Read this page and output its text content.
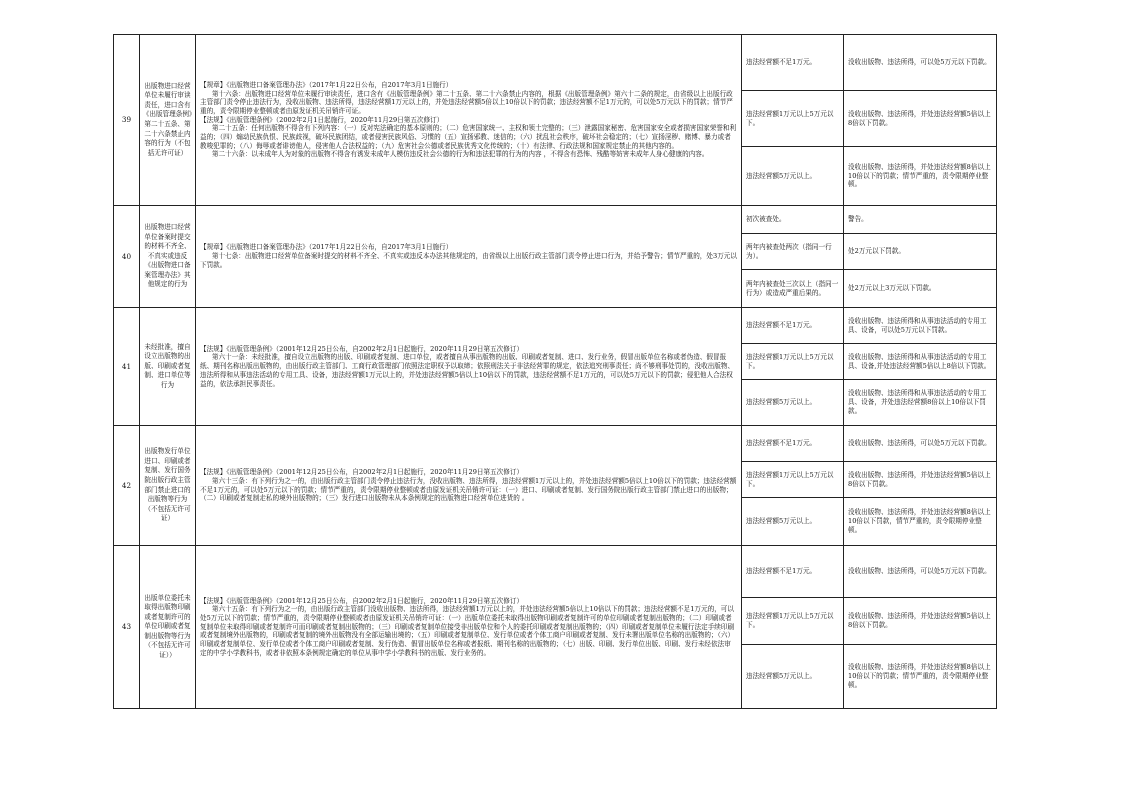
39	出版物进口经营单位未履行审读责任，进口含有《出版管理条例》第二十五条、第二十六条禁止内容的行为（不包括无许可证）	【规章】《出版物进口备案管理办法》（2017年1月22日公布，自2017年3月1日施行）

第十六条：出版物进口经营单位未履行审读责任，进口含有《出版管理条例》第二十五条、第二十六条禁止内容的，根据《出版管理条例》第六十二条的规定，由省级以上出版行政主管部门责令停止违法行为，没收出版物、违法所得，违法经营额1万元以上的，并处违法经营额5倍以上10倍以下的罚款；违法经营额不足1万元的，可以处5万元以下的罚款；情节严重的，责令限期停业整顿或者由原发证机关吊销许可证。

【法规】《出版管理条例》（2002年2月1日起施行，2020年11月29日第五次修订）

第二十五条：任何出版物不得含有下列内容：（一）反对宪法确定的基本原则的；（二）危害国家统一、主权和领土完整的；（三）泄露国家秘密、危害国家安全或者损害国家荣誉和利益的；（四）煽动民族仇恨、民族歧视，破坏民族团结，或者侵害民族风俗、习惯的（五）宣扬邪教、迷信的；（六）扰乱社会秩序，破坏社会稳定的；（七）宣扬淫秽、赌博、暴力或者教唆犯罪的；（八）侮辱或者诽谤他人，侵害他人合法权益的；（九）危害社会公德或者民族优秀文化传统的；（十）有法律、行政法规和国家规定禁止的其他内容的。

第二十六条：以未成年人为对象的出版物不得含有诱发未成年人模仿违反社会公德的行为和违法犯罪的行为的内容 ，不得含有恐怖、残酷等妨害未成年人身心健康的内容。	违法经营额不足1万元。	没收出版物、违法所得，可以处5万元以下罚款。
			违法经营额1万元以上5万元以下。	没收出版物、违法所得，并处违法经营额5倍以上8倍以下罚款。
			违法经营额5万元以上。	没收出版物、违法所得，并处违法经营额8倍以上10倍以下的罚款；情节严重的，责令限期停业整顿。
40	出版物进口经营单位备案时提交的材料不齐全、不真实或违反《出版物进口备案管理办法》其他规定的行为	【规章】《出版物进口备案管理办法》（2017年1月22日公布，自2017年3月1日施行）

第十七条：出版物进口经营单位备案时提交的材料不齐全、不真实或违反本办法其他规定的，由省级以上出版行政主管部门责令停止进口行为，并给予警告；情节严重的，处3万元以下罚款。	初次被查处。	警告。
			两年内被查处两次（指同一行为）。	处2万元以下罚款。
			两年内被查处三次以上（指同一行为）或造成严重后果的。	处2万元以上3万元以下罚款。
41	未经批准，擅自设立出版物的出版、印刷或者复制、进口单位等行为	【法规】《出版管理条例》（2001年12月25日公布，自2002年2月1日起施行，2020年11月29日第五次修订）

第六十一条：未经批准，擅自设立出版物的出版、印刷或者复制、进口单位，或者擅自从事出版物的出版、印刷或者复制、进口、发行业务，假冒出版单位名称或者伪造、假冒报纸、期刊名称出版出版物的，由出版行政主管部门、工商行政管理部门依照法定职权予以取缔；依照刑法关于非法经营罪的规定，依法追究刑事责任；尚不够刑事处罚的，没收出版物、违法所得和从事违法活动的专用工具、设备，违法经营额1万元以上的，并处违法经营额5倍以上10倍以下的罚款，违法经营额不足1万元的，可以处5万元以下的罚款；侵犯他人合法权益的，依法承担民事责任。	违法经营额不足1万元。	没收出版物、违法所得和从事违法活动的专用工具、设备，可以处5万元以下罚款。
			违法经营额1万元以上5万元以下。	没收出版物、违法所得和从事违法活动的专用工具、设备,并处违法经营额5倍以上8倍以下罚款。
			违法经营额5万元以上。	没收出版物、违法所得和从事违法活动的专用工具、设备，并处违法经营额8倍以上10倍以下罚款。
42	出版物发行单位进口、印刷或者复制、发行国务院出版行政主管部门禁止进口的出版物等行为（不包括无许可证）	【法规】《出版管理条例》（2001年12月25日公布，自2002年2月1日起施行，2020年11月29日第五次修订）

第六十三条：有下列行为之一的，由出版行政主管部门责令停止违法行为，没收出版物、违法所得，违法经营额1万元以上的，并处违法经营额5倍以上10倍以下的罚款；违法经营额不足1万元的，可以处5万元以下的罚款；情节严重的，责令限期停业整顿或者由原发证机关吊销许可证：（一）进口、印刷或者复制、发行国务院出版行政主管部门禁止进口的出版物；（二）印刷或者复制走私的境外出版物的；（三）发行进口出版物未从本条例规定的出版物进口经营单位进货的 。	违法经营额不足1万元。	没收出版物、违法所得，可以处5万元以下罚款。
			违法经营额1万元以上5万元以下。	没收出版物、违法所得，并处违法经营额5倍以上8倍以下罚款。
			违法经营额5万元以上。	没收出版物、违法所得，并处违法经营额8倍以上10倍以下罚款，情节严重的，责令限期停业整顿。
43	出版单位委托未取得出版物印刷或者复制许可的单位印刷或者复制出版物等行为（不包括无许可证））	【法规】《出版管理条例》（2001年12月25日公布，自2002年2月1日起施行，2020年11月29日第五次修订）

第六十五条：有下列行为之一的，由出版行政主管部门没收出版物、违法所得，违法经营额1万元以上的，并处违法经营额5倍以上10倍以下的罚款；违法经营额不足1万元的，可以处5万元以下的罚款；情节严重的，责令限期停业整顿或者由原发证机关吊销许可证：（一）出版单位委托未取得出版物印刷或者复制许可的单位印刷或者复制出版物的；（二）印刷或者复制单位未取得印刷或者复制许可而印刷或者复制出版物的；（三）印刷或者复制单位接受非出版单位和个人的委托印刷或者复制出版物的；（四）印刷或者复制单位未履行法定手续印刷或者复制境外出版物的，印刷或者复制的境外出版物没有全部运输出境的；（五）印刷或者复制单位、发行单位或者个体工商户印刷或者复制、发行未署出版单位名称的出版物的；（六）印刷或者复制单位、发行单位或者个体工商户印刷或者复制、发行伪造、假冒出版单位名称或者报纸、期刊名称的出版物的；（七）出版、印刷、发行单位出版、印刷、发行未经依法审定的中学小学教科书，或者非依照本条例规定确定的单位从事中学小学教科书的出版、发行业务的。	违法经营额不足1万元。	没收出版物、违法所得，可以处5万元以下罚款。
			违法经营额1万元以上5万元以下。	没收出版物、违法所得，并处违法经营额5倍以上8倍以下罚款。
			违法经营额5万元以上。	没收出版物、违法所得，并处违法经营额8倍以上10倍以下的罚款；情节严重的，责令限期停业整顿。
